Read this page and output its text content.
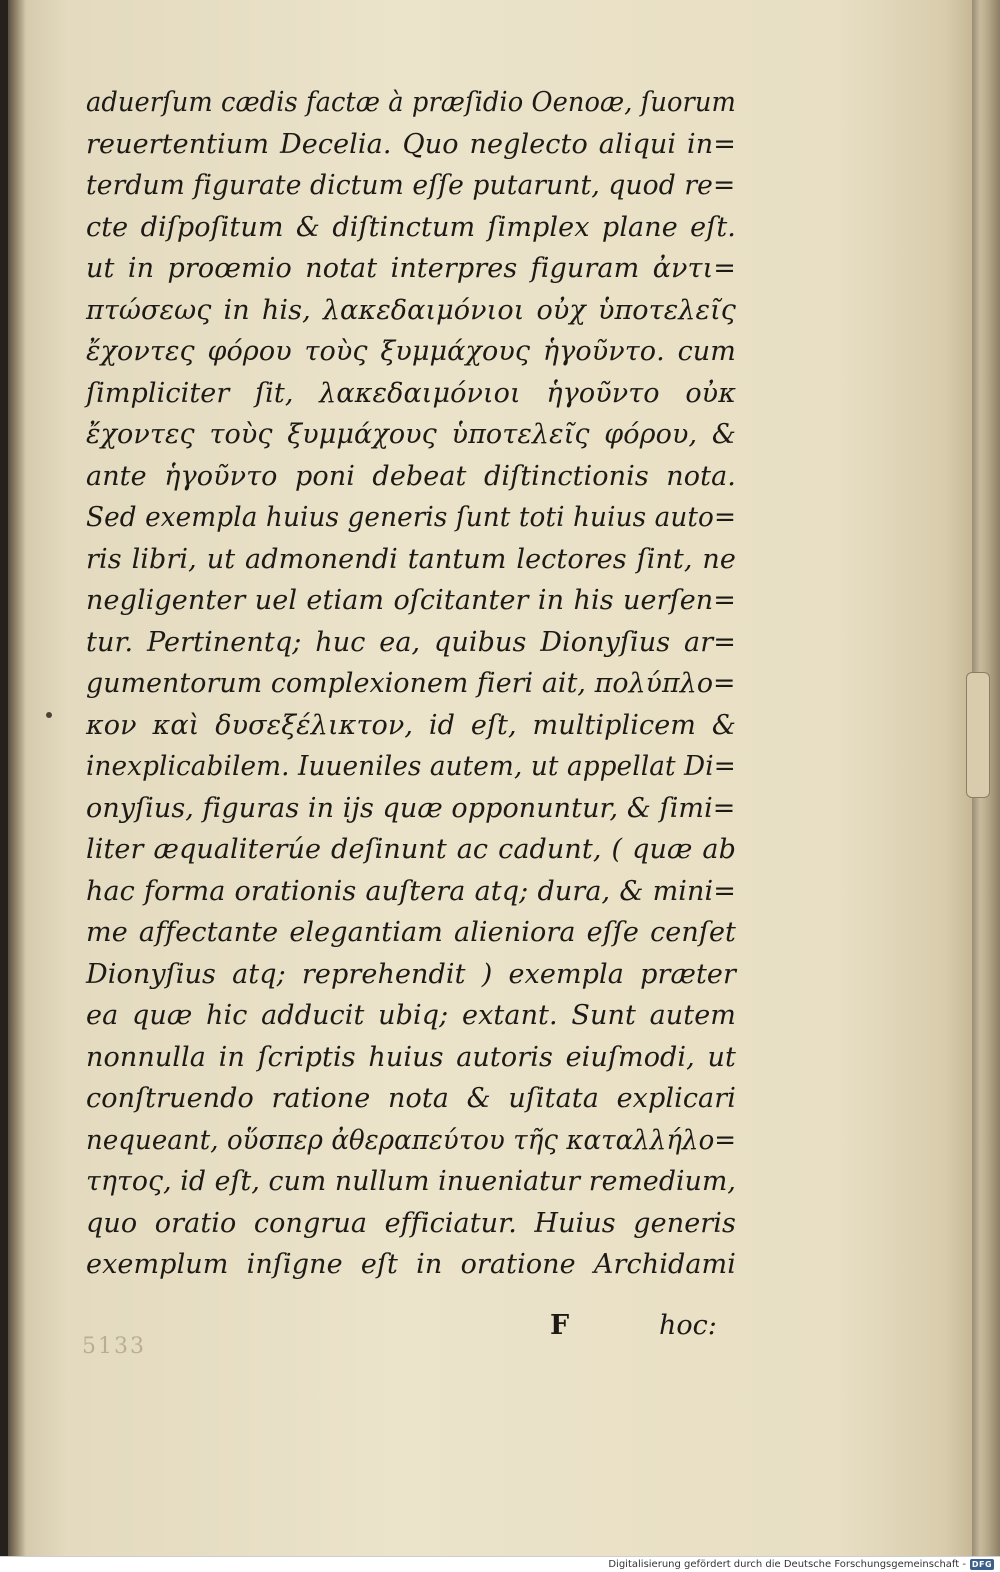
aduerſum cædis factæ à præſidio Oenoæ, ſuorum
reuertentium Decelia. Quo neglecto aliqui in=
terdum figurate dictum eſſe putarunt, quod re=
cte diſpoſitum & diſtinctum ſimplex plane eſt.
ut in proœmio notat interpres figuram ἀντι=
πτώσεως in his, λακεδαιμόνιοι οὐχ ὑποτελεῖς
ἔχοντες φόρου τοὺς ξυμμάχους ἡγοῦντο. cum
ſimpliciter ſit, λακεδαιμόνιοι ἡγοῦντο οὐκ
ἔχοντες τοὺς ξυμμάχους ὑποτελεῖς φόρου, &
ante ἡγοῦντο poni debeat diſtinctionis nota.
Sed exempla huius generis ſunt toti huius auto=
ris libri, ut admonendi tantum lectores ſint, ne
negligenter uel etiam oſcitanter in his uerſen=
tur. Pertinentq; huc ea, quibus Dionyſius ar=
gumentorum complexionem fieri ait, πολύπλο=
κον καὶ δυσεξέλικτον, id eſt, multiplicem &
inexplicabilem. Iuueniles autem, ut appellat Di=
onyſius, figuras in ijs quæ opponuntur, & ſimi=
liter æqualiterúe deſinunt ac cadunt, ( quæ ab
hac forma orationis auſtera atq; dura, & mini=
me affectante elegantiam alieniora eſſe cenſet
Dionyſius atq; reprehendit ) exempla præter
ea quæ hic adducit ubiq; extant. Sunt autem
nonnulla in ſcriptis huius autoris eiuſmodi, ut
conſtruendo ratione nota & uſitata explicari
nequeant, οὕσπερ ἀθεραπεύτου τῆς καταλλήλο=
τητος, id eſt, cum nullum inueniatur remedium,
quo oratio congrua efficiatur. Huius generis
exemplum inſigne eſt in oratione Archidami
F	hoc:
5133
Digitalisierung gefördert durch die Deutsche Forschungsgemeinschaft - DFG
